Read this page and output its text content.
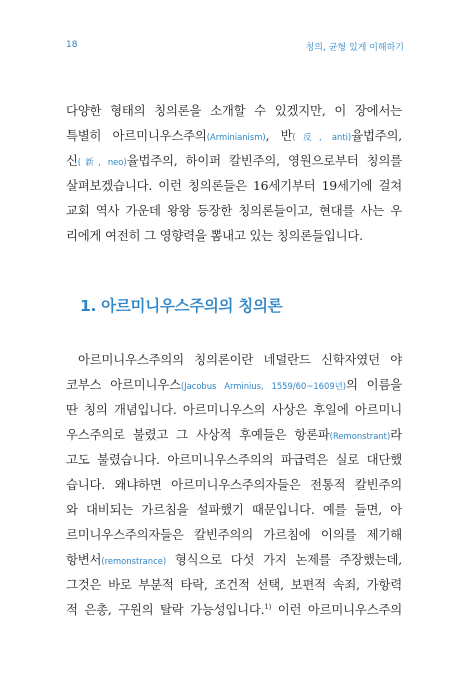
18	칭의, 균형 있게 이해하기
다양한 형태의 칭의론을 소개할 수 있겠지만, 이 장에서는
특별히 아르미니우스주의(Arminianism), 반(反, anti)율법주의,
신(新, neo)율법주의, 하이퍼 칼빈주의, 영원으로부터 칭의를
살펴보겠습니다. 이런 칭의론들은 16세기부터 19세기에 걸쳐
교회 역사 가운데 왕왕 등장한 칭의론들이고, 현대를 사는 우
리에게 여전히 그 영향력을 뽐내고 있는 칭의론들입니다.
1. 아르미니우스주의의 칭의론
아르미니우스주의의 칭의론이란 네덜란드 신학자였던 야
코부스 아르미니우스(Jacobus Arminius, 1559/60~1609년)의 이름을
딴 칭의 개념입니다. 아르미니우스의 사상은 후일에 아르미니
우스주의로 불렸고 그 사상적 후예들은 항론파(Remonstrant)라
고도 불렸습니다. 아르미니우스주의의 파급력은 실로 대단했
습니다. 왜냐하면 아르미니우스주의자들은 전통적 칼빈주의
와 대비되는 가르침을 설파했기 때문입니다. 예를 들면, 아
르미니우스주의자들은 칼빈주의의 가르침에 이의를 제기해
항변서(remonstrance) 형식으로 다섯 가지 논제를 주장했는데,
그것은 바로 부분적 타락, 조건적 선택, 보편적 속죄, 가항력
적 은총, 구원의 탈락 가능성입니다.$^{1)}$ 이런 아르미니우스주의
